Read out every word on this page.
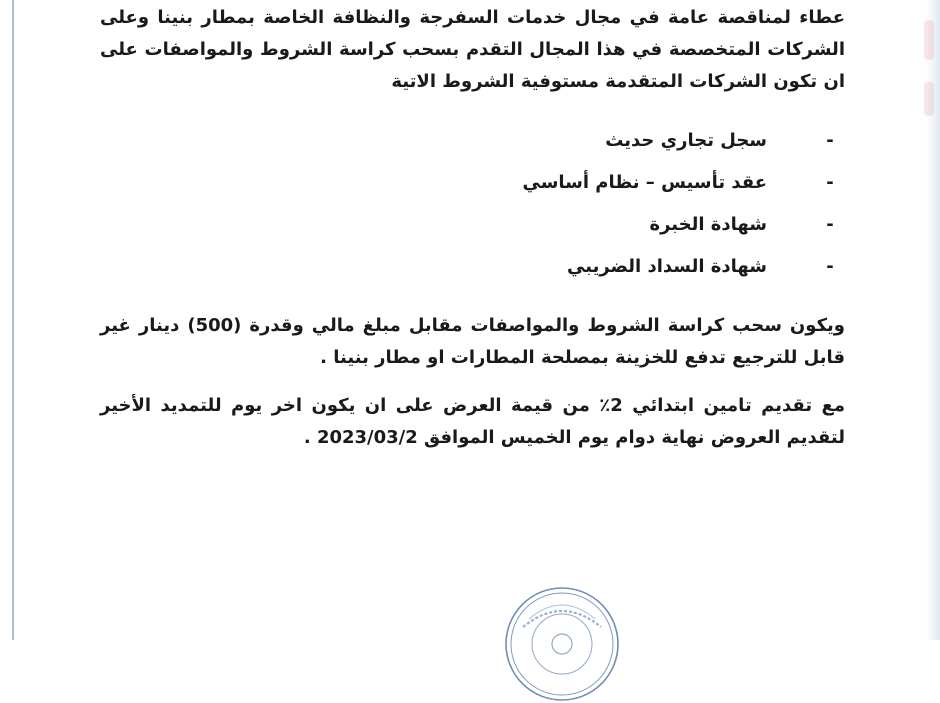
عطاء لمناقصة عامة في مجال خدمات السفرجة والنظافة الخاصة بمطار بنينا وعلى الشركات المتخصصة في هذا المجال التقدم بسحب كراسة الشروط والمواصفات على ان تكون الشركات المتقدمة مستوفية الشروط الاتية

-
سجل تجاري حديث
-
عقد تأسيس – نظام أساسي
-
شهادة الخبرة
-
شهادة السداد الضريبي

ويكون سحب كراسة الشروط والمواصفات مقابل مبلغ مالي وقدرة (500) دينار غير قابل للترجيع تدفع للخزينة بمصلحة المطارات او مطار بنينا .

مع تقديم تامين ابتدائي 2٪ من قيمة العرض على ان يكون اخر يوم للتمديد الأخير لتقديم العروض نهاية دوام يوم الخميس الموافق 2023/03/2 .
